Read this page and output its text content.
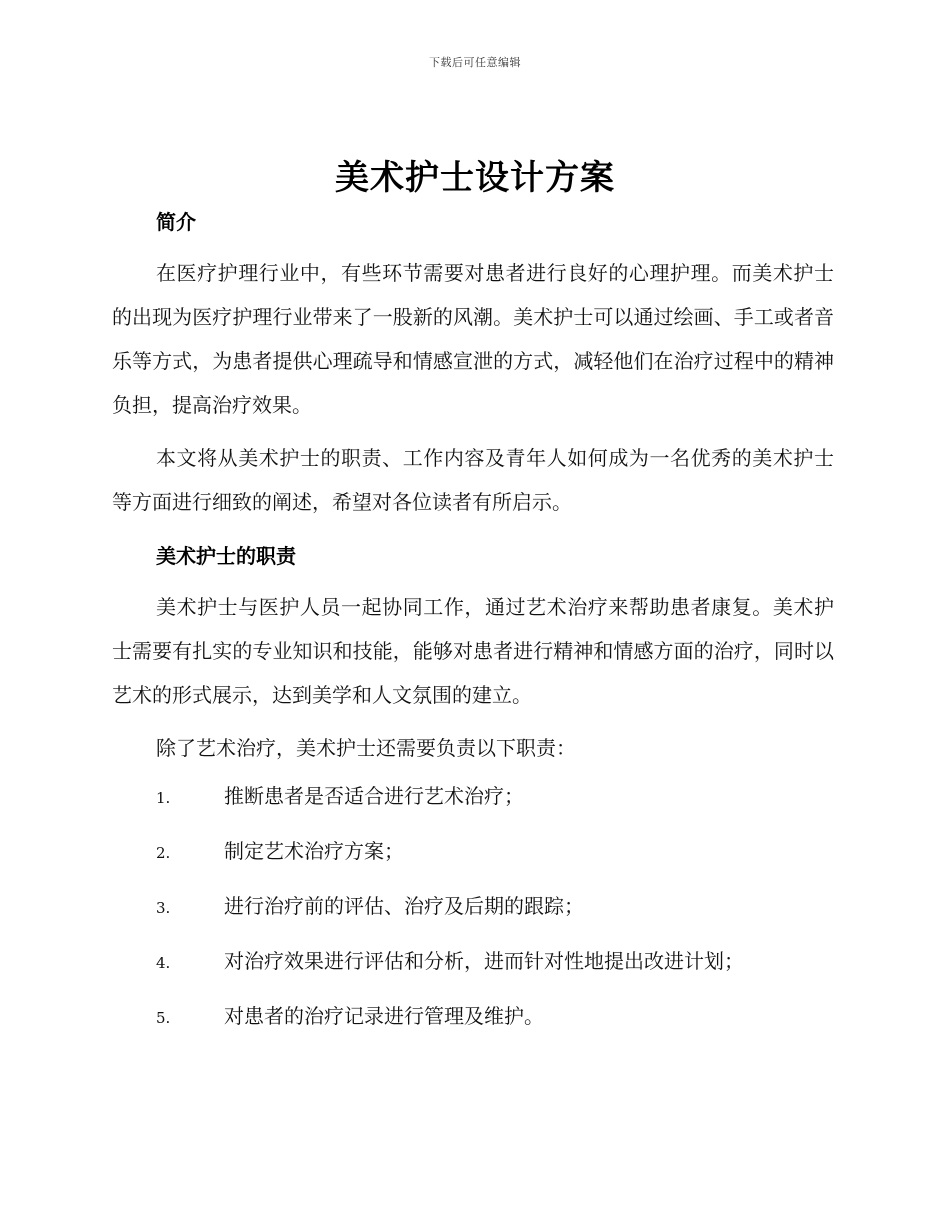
下载后可任意编辑
美术护士设计方案
简介

在医疗护理行业中，有些环节需要对患者进行良好的心理护理。而美术护士的出现为医疗护理行业带来了一股新的风潮。美术护士可以通过绘画、手工或者音乐等方式，为患者提供心理疏导和情感宣泄的方式，减轻他们在治疗过程中的精神负担，提高治疗效果。

本文将从美术护士的职责、工作内容及青年人如何成为一名优秀的美术护士等方面进行细致的阐述，希望对各位读者有所启示。

美术护士的职责

美术护士与医护人员一起协同工作，通过艺术治疗来帮助患者康复。美术护士需要有扎实的专业知识和技能，能够对患者进行精神和情感方面的治疗，同时以艺术的形式展示，达到美学和人文氛围的建立。

除了艺术治疗，美术护士还需要负责以下职责：

1.	推断患者是否适合进行艺术治疗；
2.	制定艺术治疗方案；
3.	进行治疗前的评估、治疗及后期的跟踪；
4.	对治疗效果进行评估和分析，进而针对性地提出改进计划；
5.	对患者的治疗记录进行管理及维护。
